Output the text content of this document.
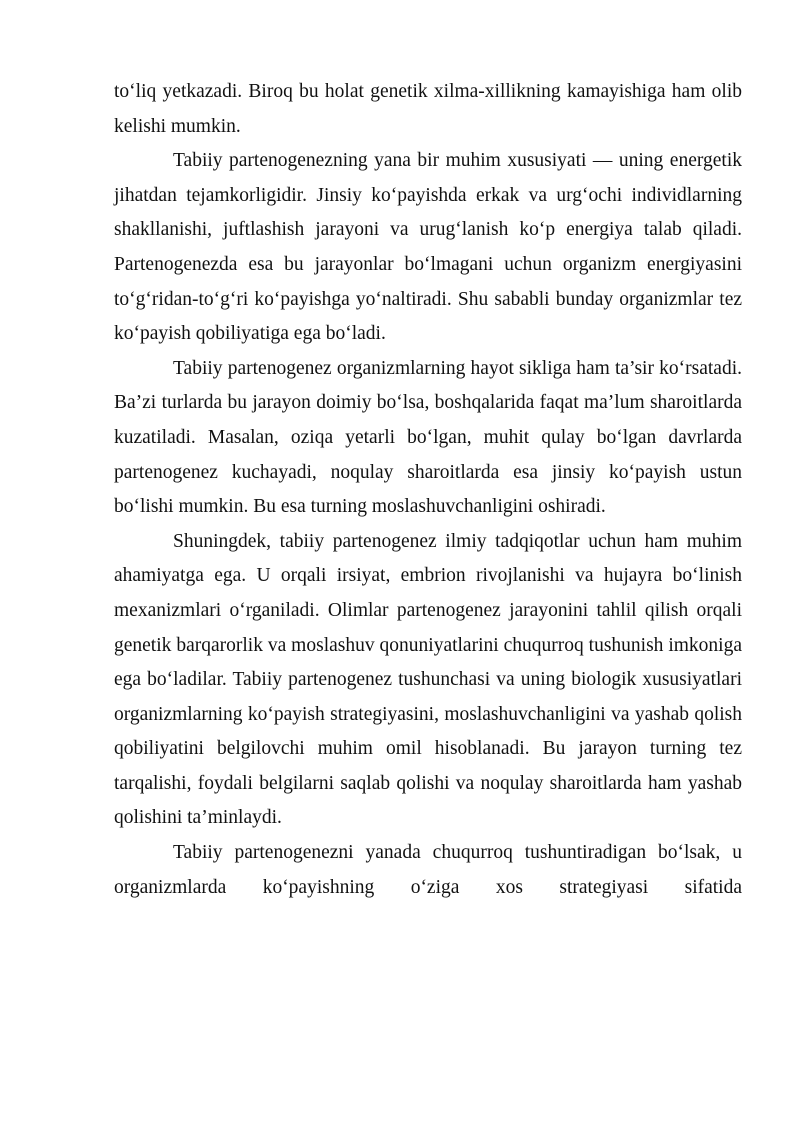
to‘liq yetkazadi. Biroq bu holat genetik xilma-xillikning kamayishiga ham olib kelishi mumkin.

Tabiiy partenogenezning yana bir muhim xususiyati — uning energetik jihatdan tejamkorligidir. Jinsiy ko‘payishda erkak va urg‘ochi individlarning shakllanishi, juftlashish jarayoni va urug‘lanish ko‘p energiya talab qiladi. Partenogenezda esa bu jarayonlar bo‘lmagani uchun organizm energiyasini to‘g‘ridan-to‘g‘ri ko‘payishga yo‘naltiradi. Shu sababli bunday organizmlar tez ko‘payish qobiliyatiga ega bo‘ladi.

Tabiiy partenogenez organizmlarning hayot sikliga ham ta’sir ko‘rsatadi. Ba’zi turlarda bu jarayon doimiy bo‘lsa, boshqalarida faqat ma’lum sharoitlarda kuzatiladi. Masalan, oziqa yetarli bo‘lgan, muhit qulay bo‘lgan davrlarda partenogenez kuchayadi, noqulay sharoitlarda esa jinsiy ko‘payish ustun bo‘lishi mumkin. Bu esa turning moslashuvchanligini oshiradi.

Shuningdek, tabiiy partenogenez ilmiy tadqiqotlar uchun ham muhim ahamiyatga ega. U orqali irsiyat, embrion rivojlanishi va hujayra bo‘linish mexanizmlari o‘rganiladi. Olimlar partenogenez jarayonini tahlil qilish orqali genetik barqarorlik va moslashuv qonuniyatlarini chuqurroq tushunish imkoniga ega bo‘ladilar. Tabiiy partenogenez tushunchasi va uning biologik xususiyatlari organizmlarning ko‘payish strategiyasini, moslashuvchanligini va yashab qolish qobiliyatini belgilovchi muhim omil hisoblanadi. Bu jarayon turning tez tarqalishi, foydali belgilarni saqlab qolishi va noqulay sharoitlarda ham yashab qolishini ta’minlaydi.

Tabiiy partenogenezni yanada chuqurroq tushuntiradigan bo‘lsak, u organizmlarda ko‘payishning o‘ziga xos strategiyasi sifatida
